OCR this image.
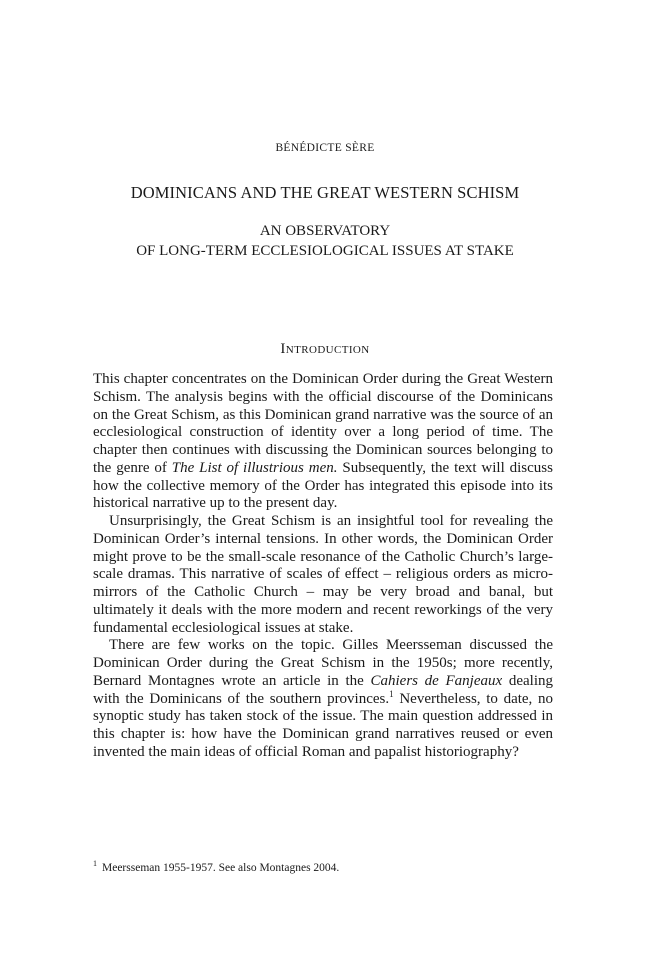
BÉNÉDICTE SÈRE
DOMINICANS AND THE GREAT WESTERN SCHISM
AN OBSERVATORY
OF LONG-TERM ECCLESIOLOGICAL ISSUES AT STAKE
Introduction

This chapter concentrates on the Dominican Order during the Great Western Schism. The analysis begins with the official discourse of the Dominicans on the Great Schism, as this Dominican grand narrative was the source of an ecclesiological construction of identity over a long period of time. The chapter then continues with discussing the Dominican sources belonging to the genre of The List of illustrious men. Subsequently, the text will discuss how the collective memory of the Order has integrated this episode into its historical narrative up to the present day.

Unsurprisingly, the Great Schism is an insightful tool for revealing the Dominican Order’s internal tensions. In other words, the Dominican Order might prove to be the small-scale resonance of the Catholic Church’s large-scale dramas. This narrative of scales of effect – religious orders as micro-mirrors of the Catholic Church – may be very broad and banal, but ultimately it deals with the more modern and recent reworkings of the very fundamental ecclesiological issues at stake.

There are few works on the topic. Gilles Meersseman discussed the Dominican Order during the Great Schism in the 1950s; more recently, Bernard Montagnes wrote an article in the Cahiers de Fanjeaux dealing with the Dominicans of the southern provinces.$^1$ Nevertheless, to date, no synoptic study has taken stock of the issue. The main question addressed in this chapter is: how have the Dominican grand narratives reused or even invented the main ideas of official Roman and papalist historiography?

$^1$ Meersseman 1955-1957. See also Montagnes 2004.
